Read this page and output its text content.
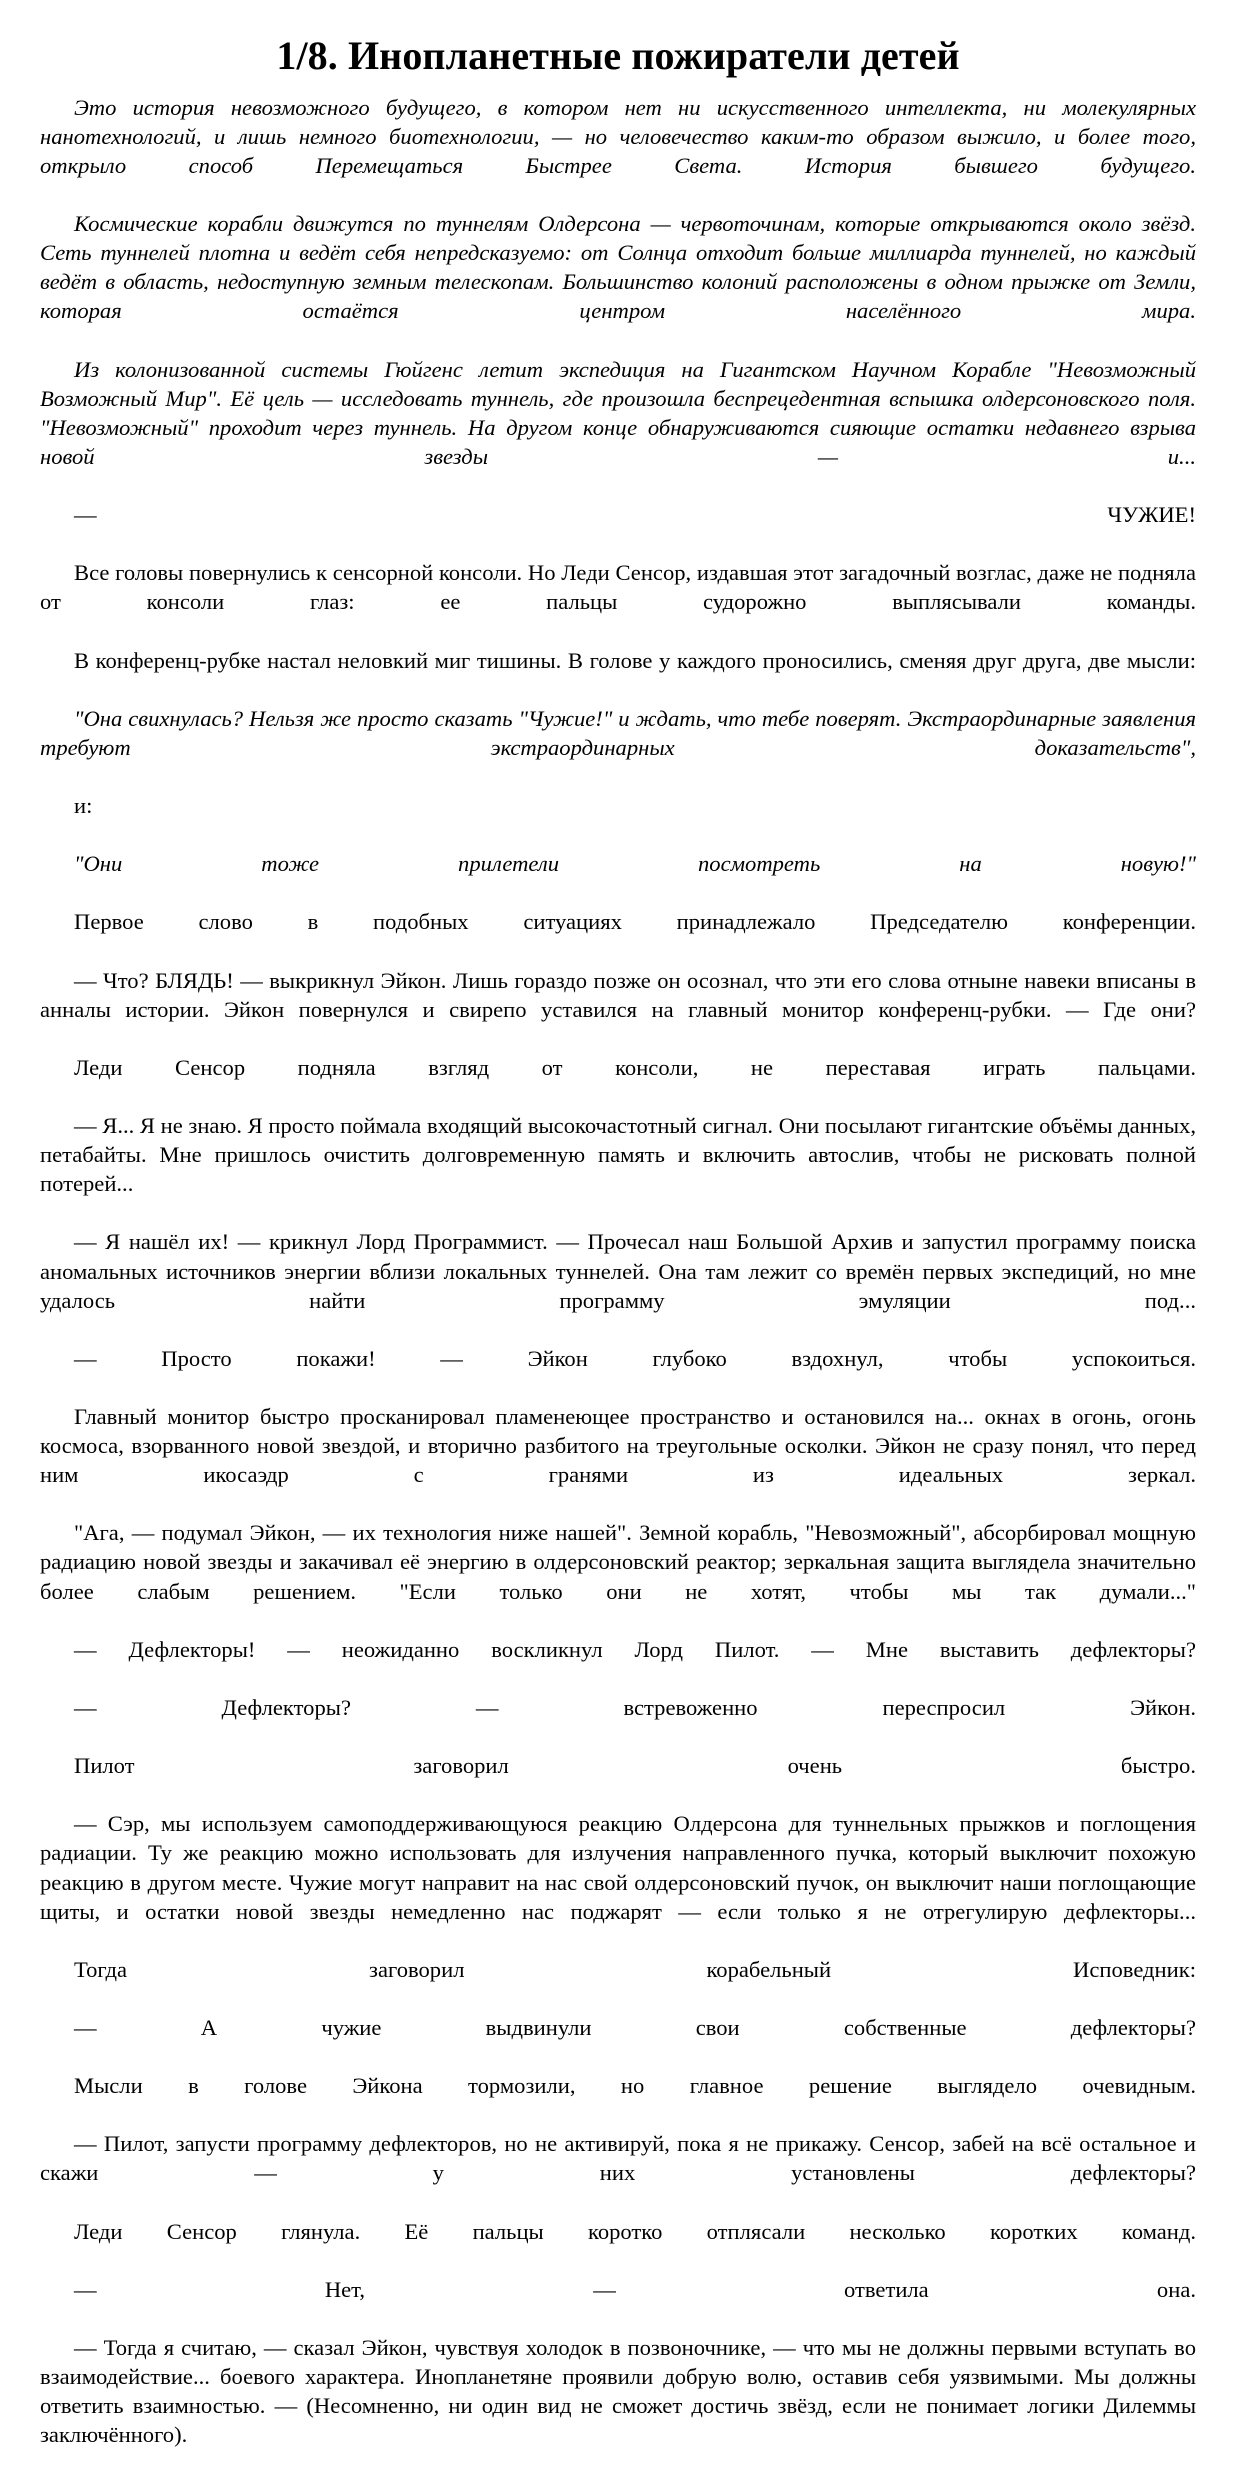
1/8. Инопланетные пожиратели детей

Это история невозможного будущего, в котором нет ни искусственного интеллекта, ни молекулярных нанотехнологий, и лишь немного биотехнологии, — но человечество каким-то образом выжило, и более того, открыло способ Перемещаться Быстрее Света. История бывшего будущего.

Космические корабли движутся по туннелям Олдерсона — червоточинам, которые открываются около звёзд. Сеть туннелей плотна и ведёт себя непредсказуемо: от Солнца отходит больше миллиарда туннелей, но каждый ведёт в область, недоступную земным телескопам. Большинство колоний расположены в одном прыжке от Земли, которая остаётся центром населённого мира.

Из колонизованной системы Гюйгенс летит экспедиция на Гигантском Научном Корабле "Невозможный Возможный Мир". Её цель — исследовать туннель, где произошла беспрецедентная вспышка олдерсоновского поля. "Невозможный" проходит через туннель. На другом конце обнаруживаются сияющие остатки недавнего взрыва новой звезды — и...

— ЧУЖИЕ!

Все головы повернулись к сенсорной консоли. Но Леди Сенсор, издавшая этот загадочный возглас, даже не подняла от консоли глаз: ее пальцы судорожно выплясывали команды.

В конференц-рубке настал неловкий миг тишины. В голове у каждого проносились, сменяя друг друга, две мысли:

"Она свихнулась? Нельзя же просто сказать "Чужие!" и ждать, что тебе поверят. Экстраординарные заявления требуют экстраординарных доказательств",

и:

"Они тоже прилетели посмотреть на новую!"

Первое слово в подобных ситуациях принадлежало Председателю конференции.

— Что? БЛЯДЬ! — выкрикнул Эйкон. Лишь гораздо позже он осознал, что эти его слова отныне навеки вписаны в анналы истории. Эйкон повернулся и свирепо уставился на главный монитор конференц-рубки. — Где они?

Леди Сенсор подняла взгляд от консоли, не переставая играть пальцами.

— Я... Я не знаю. Я просто поймала входящий высокочастотный сигнал. Они посылают гигантские объёмы данных, петабайты. Мне пришлось очистить долговременную память и включить автослив, чтобы не рисковать полной потерей...

— Я нашёл их! — крикнул Лорд Программист. — Прочесал наш Большой Архив и запустил программу поиска аномальных источников энергии вблизи локальных туннелей. Она там лежит со времён первых экспедиций, но мне удалось найти программу эмуляции под...

— Просто покажи! — Эйкон глубоко вздохнул, чтобы успокоиться.

Главный монитор быстро просканировал пламенеющее пространство и остановился на... окнах в огонь, огонь космоса, взорванного новой звездой, и вторично разбитого на треугольные осколки. Эйкон не сразу понял, что перед ним икосаэдр с гранями из идеальных зеркал.

"Ага, — подумал Эйкон, — их технология ниже нашей". Земной корабль, "Невозможный", абсорбировал мощную радиацию новой звезды и закачивал её энергию в олдерсоновский реактор; зеркальная защита выглядела значительно более слабым решением. "Если только они не хотят, чтобы мы так думали..."

— Дефлекторы! — неожиданно воскликнул Лорд Пилот. — Мне выставить дефлекторы?

— Дефлекторы? — встревоженно переспросил Эйкон.

Пилот заговорил очень быстро.

— Сэр, мы используем самоподдерживающуюся реакцию Олдерсона для туннельных прыжков и поглощения радиации. Ту же реакцию можно использовать для излучения направленного пучка, который выключит похожую реакцию в другом месте. Чужие могут направит на нас свой олдерсоновский пучок, он выключит наши поглощающие щиты, и остатки новой звезды немедленно нас поджарят — если только я не отрегулирую дефлекторы...

Тогда заговорил корабельный Исповедник:

— А чужие выдвинули свои собственные дефлекторы?

Мысли в голове Эйкона тормозили, но главное решение выглядело очевидным.

— Пилот, запусти программу дефлекторов, но не активируй, пока я не прикажу. Сенсор, забей на всё остальное и скажи — у них установлены дефлекторы?

Леди Сенсор глянула. Её пальцы коротко отплясали несколько коротких команд.

— Нет, — ответила она.

— Тогда я считаю, — сказал Эйкон, чувствуя холодок в позвоночнике, — что мы не должны первыми вступать во взаимодействие... боевого характера. Инопланетяне проявили добрую волю, оставив себя уязвимыми. Мы должны ответить взаимностью. — (Несомненно, ни один вид не сможет достичь звёзд, если не понимает логики Дилеммы заключённого).
